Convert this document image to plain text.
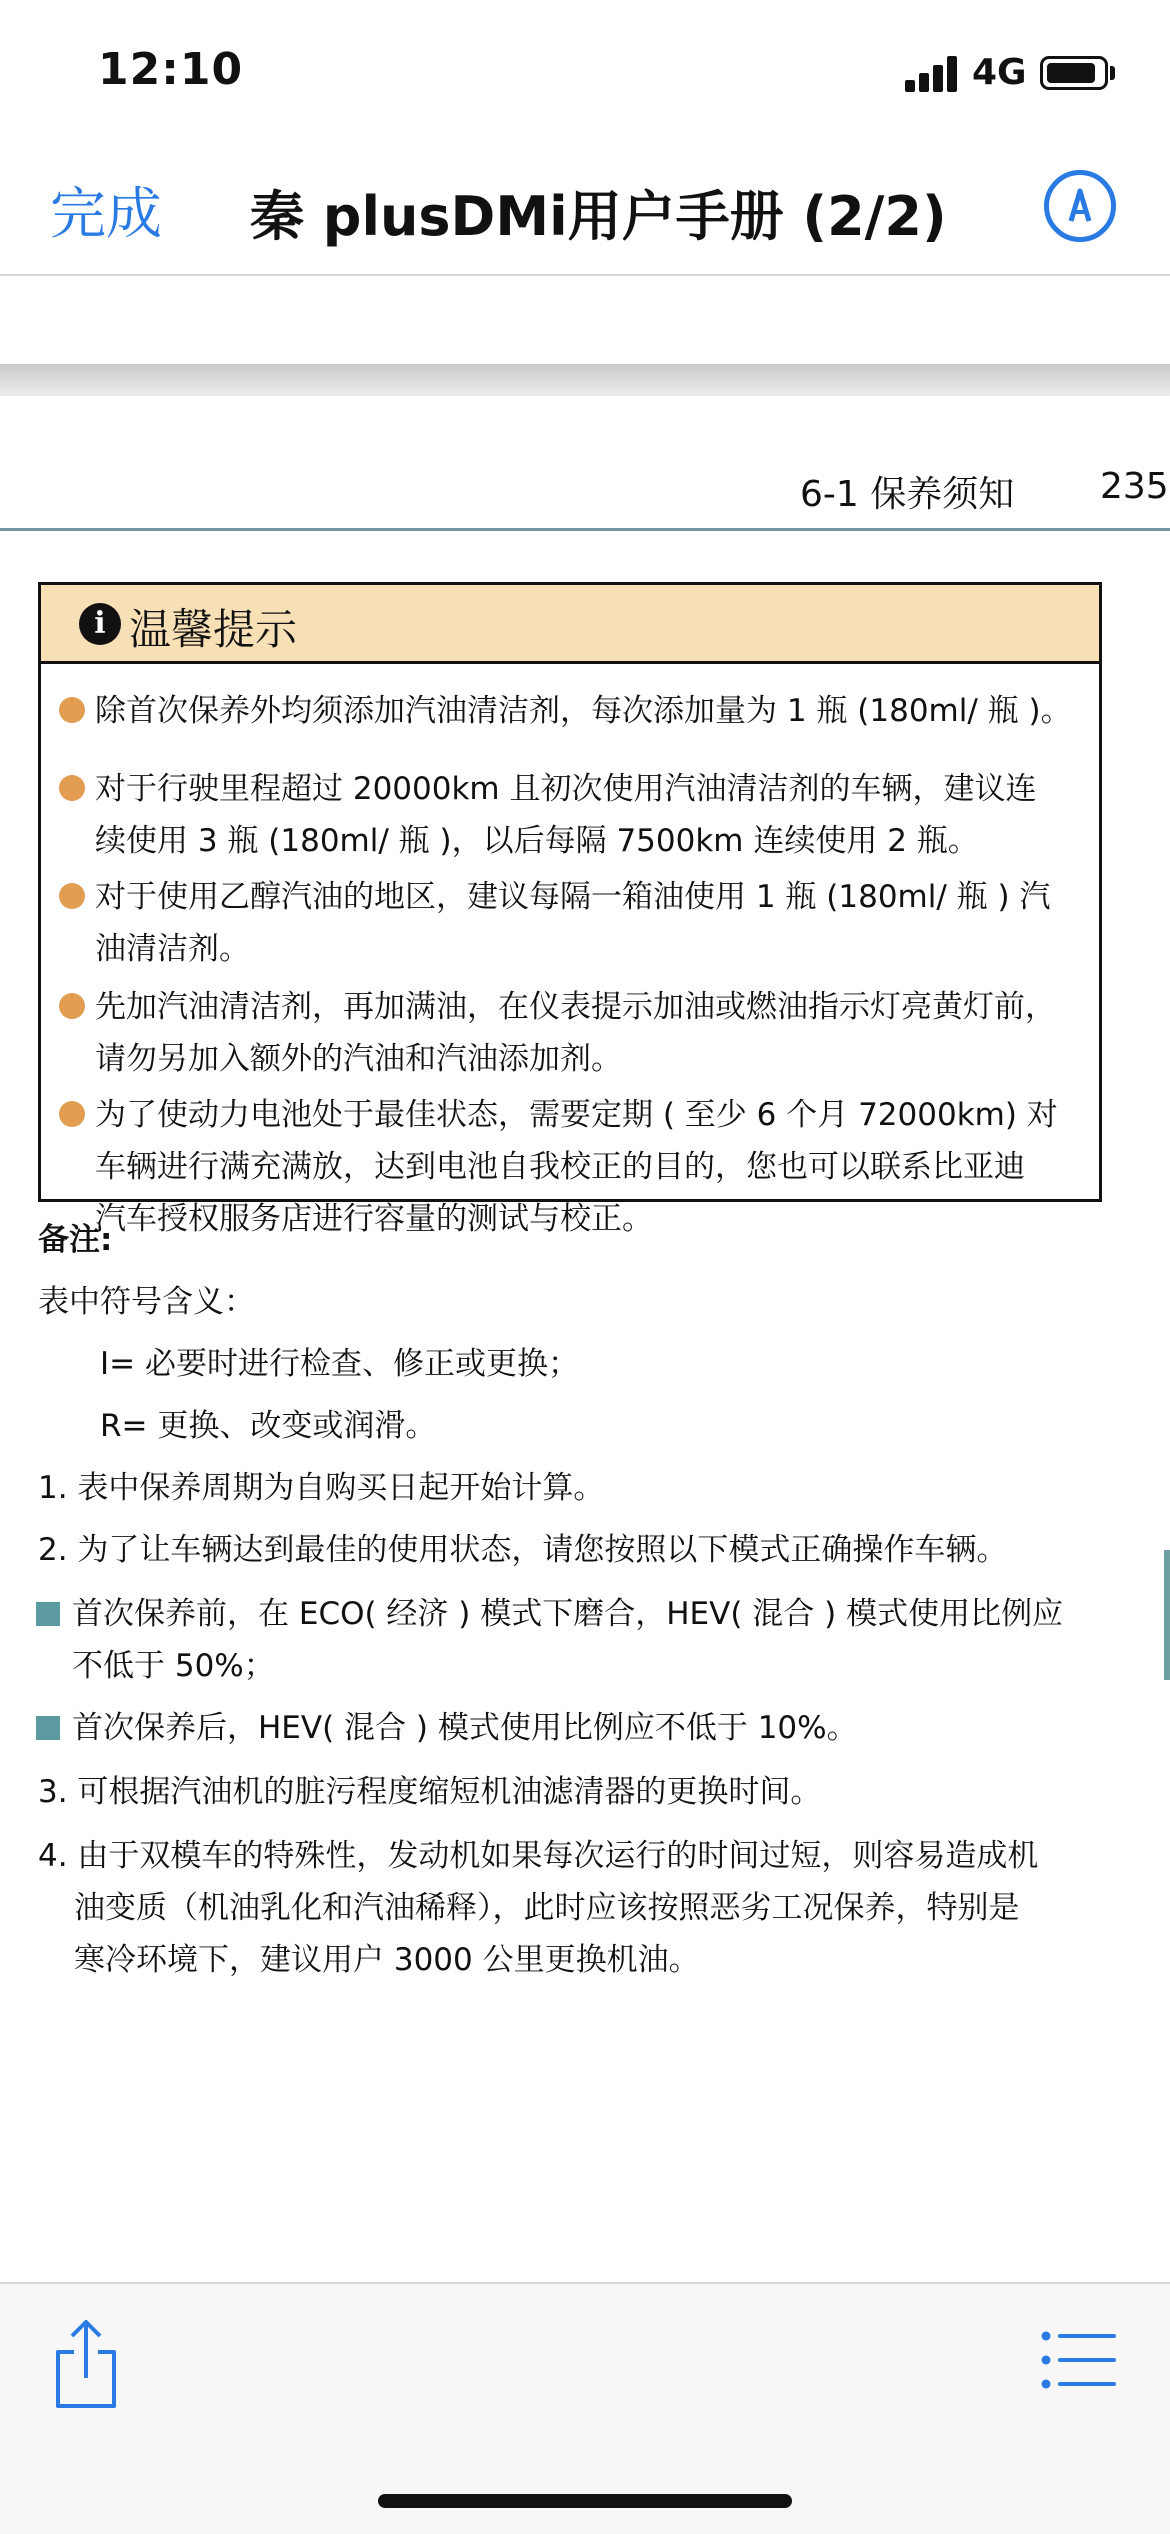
12:10	4G
完成 秦 plusDMi用户手册 (2/2)
6-1 保养须知 235
i 温馨提示
除首次保养外均须添加汽油清洁剂，每次添加量为 1 瓶 (180ml/ 瓶 )。
对于行驶里程超过 20000km 且初次使用汽油清洁剂的车辆，建议连
续使用 3 瓶 (180ml/ 瓶 )，以后每隔 7500km 连续使用 2 瓶。
对于使用乙醇汽油的地区，建议每隔一箱油使用 1 瓶 (180ml/ 瓶 ) 汽
油清洁剂。
先加汽油清洁剂，再加满油，在仪表提示加油或燃油指示灯亮黄灯前，
请勿另加入额外的汽油和汽油添加剂。
为了使动力电池处于最佳状态，需要定期 ( 至少 6 个月 72000km) 对
车辆进行满充满放，达到电池自我校正的目的，您也可以联系比亚迪
汽车授权服务店进行容量的测试与校正。
备注:
表中符号含义：
I= 必要时进行检查、修正或更换；
R= 更换、改变或润滑。
1. 表中保养周期为自购买日起开始计算。
2. 为了让车辆达到最佳的使用状态，请您按照以下模式正确操作车辆。
首次保养前，在 ECO( 经济 ) 模式下磨合，HEV( 混合 ) 模式使用比例应
不低于 50%；
首次保养后，HEV( 混合 ) 模式使用比例应不低于 10%。
3. 可根据汽油机的脏污程度缩短机油滤清器的更换时间。
4. 由于双模车的特殊性，发动机如果每次运行的时间过短，则容易造成机
油变质（机油乳化和汽油稀释），此时应该按照恶劣工况保养，特别是
寒冷环境下，建议用户 3000 公里更换机油。
